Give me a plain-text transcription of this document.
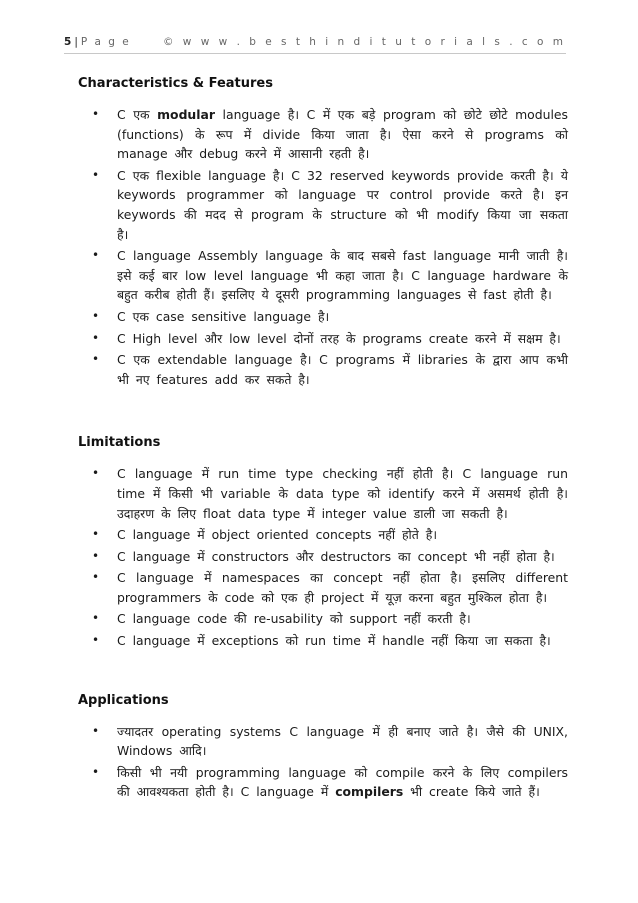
5 | P a g e	© w w w . b e s t h i n d i t u t o r i a l s . c o m
Characteristics & Features
• C एक modular language है। C में एक बड़े program को छोटे छोटे modules (functions) के रूप में divide किया जाता है। ऐसा करने से programs को manage और debug करने में आसानी रहती है।
• C एक flexible language है। C 32 reserved keywords provide करती है। ये keywords programmer को language पर control provide करते है। इन keywords की मदद से program के structure को भी modify किया जा सकता है।
• C language Assembly language के बाद सबसे fast language मानी जाती है। इसे कई बार low level language भी कहा जाता है। C language hardware के बहुत करीब होती हैं। इसलिए ये दूसरी programming languages से fast होती है।
• C एक case sensitive language है।
• C High level और low level दोनों तरह के programs create करने में सक्षम है।
• C एक extendable language है। C programs में libraries के द्वारा आप कभी भी नए features add कर सकते है।
Limitations
• C language में run time type checking नहीं होती है। C language run time में किसी भी variable के data type को identify करने में असमर्थ होती है। उदाहरण के लिए float data type में integer value डाली जा सकती है।
• C language में object oriented concepts नहीं होते है।
• C language में constructors और destructors का concept भी नहीं होता है।
• C language में namespaces का concept नहीं होता है। इसलिए different programmers के code को एक ही project में यूज़ करना बहुत मुश्किल होता है।
• C language code की re-usability को support नहीं करती है।
• C language में exceptions को run time में handle नहीं किया जा सकता है।
Applications
• ज्यादतर operating systems C language में ही बनाए जाते है। जैसे की UNIX, Windows आदि।
• किसी भी नयी programming language को compile करने के लिए compilers की आवश्यकता होती है। C language में compilers भी create किये जाते हैं।
